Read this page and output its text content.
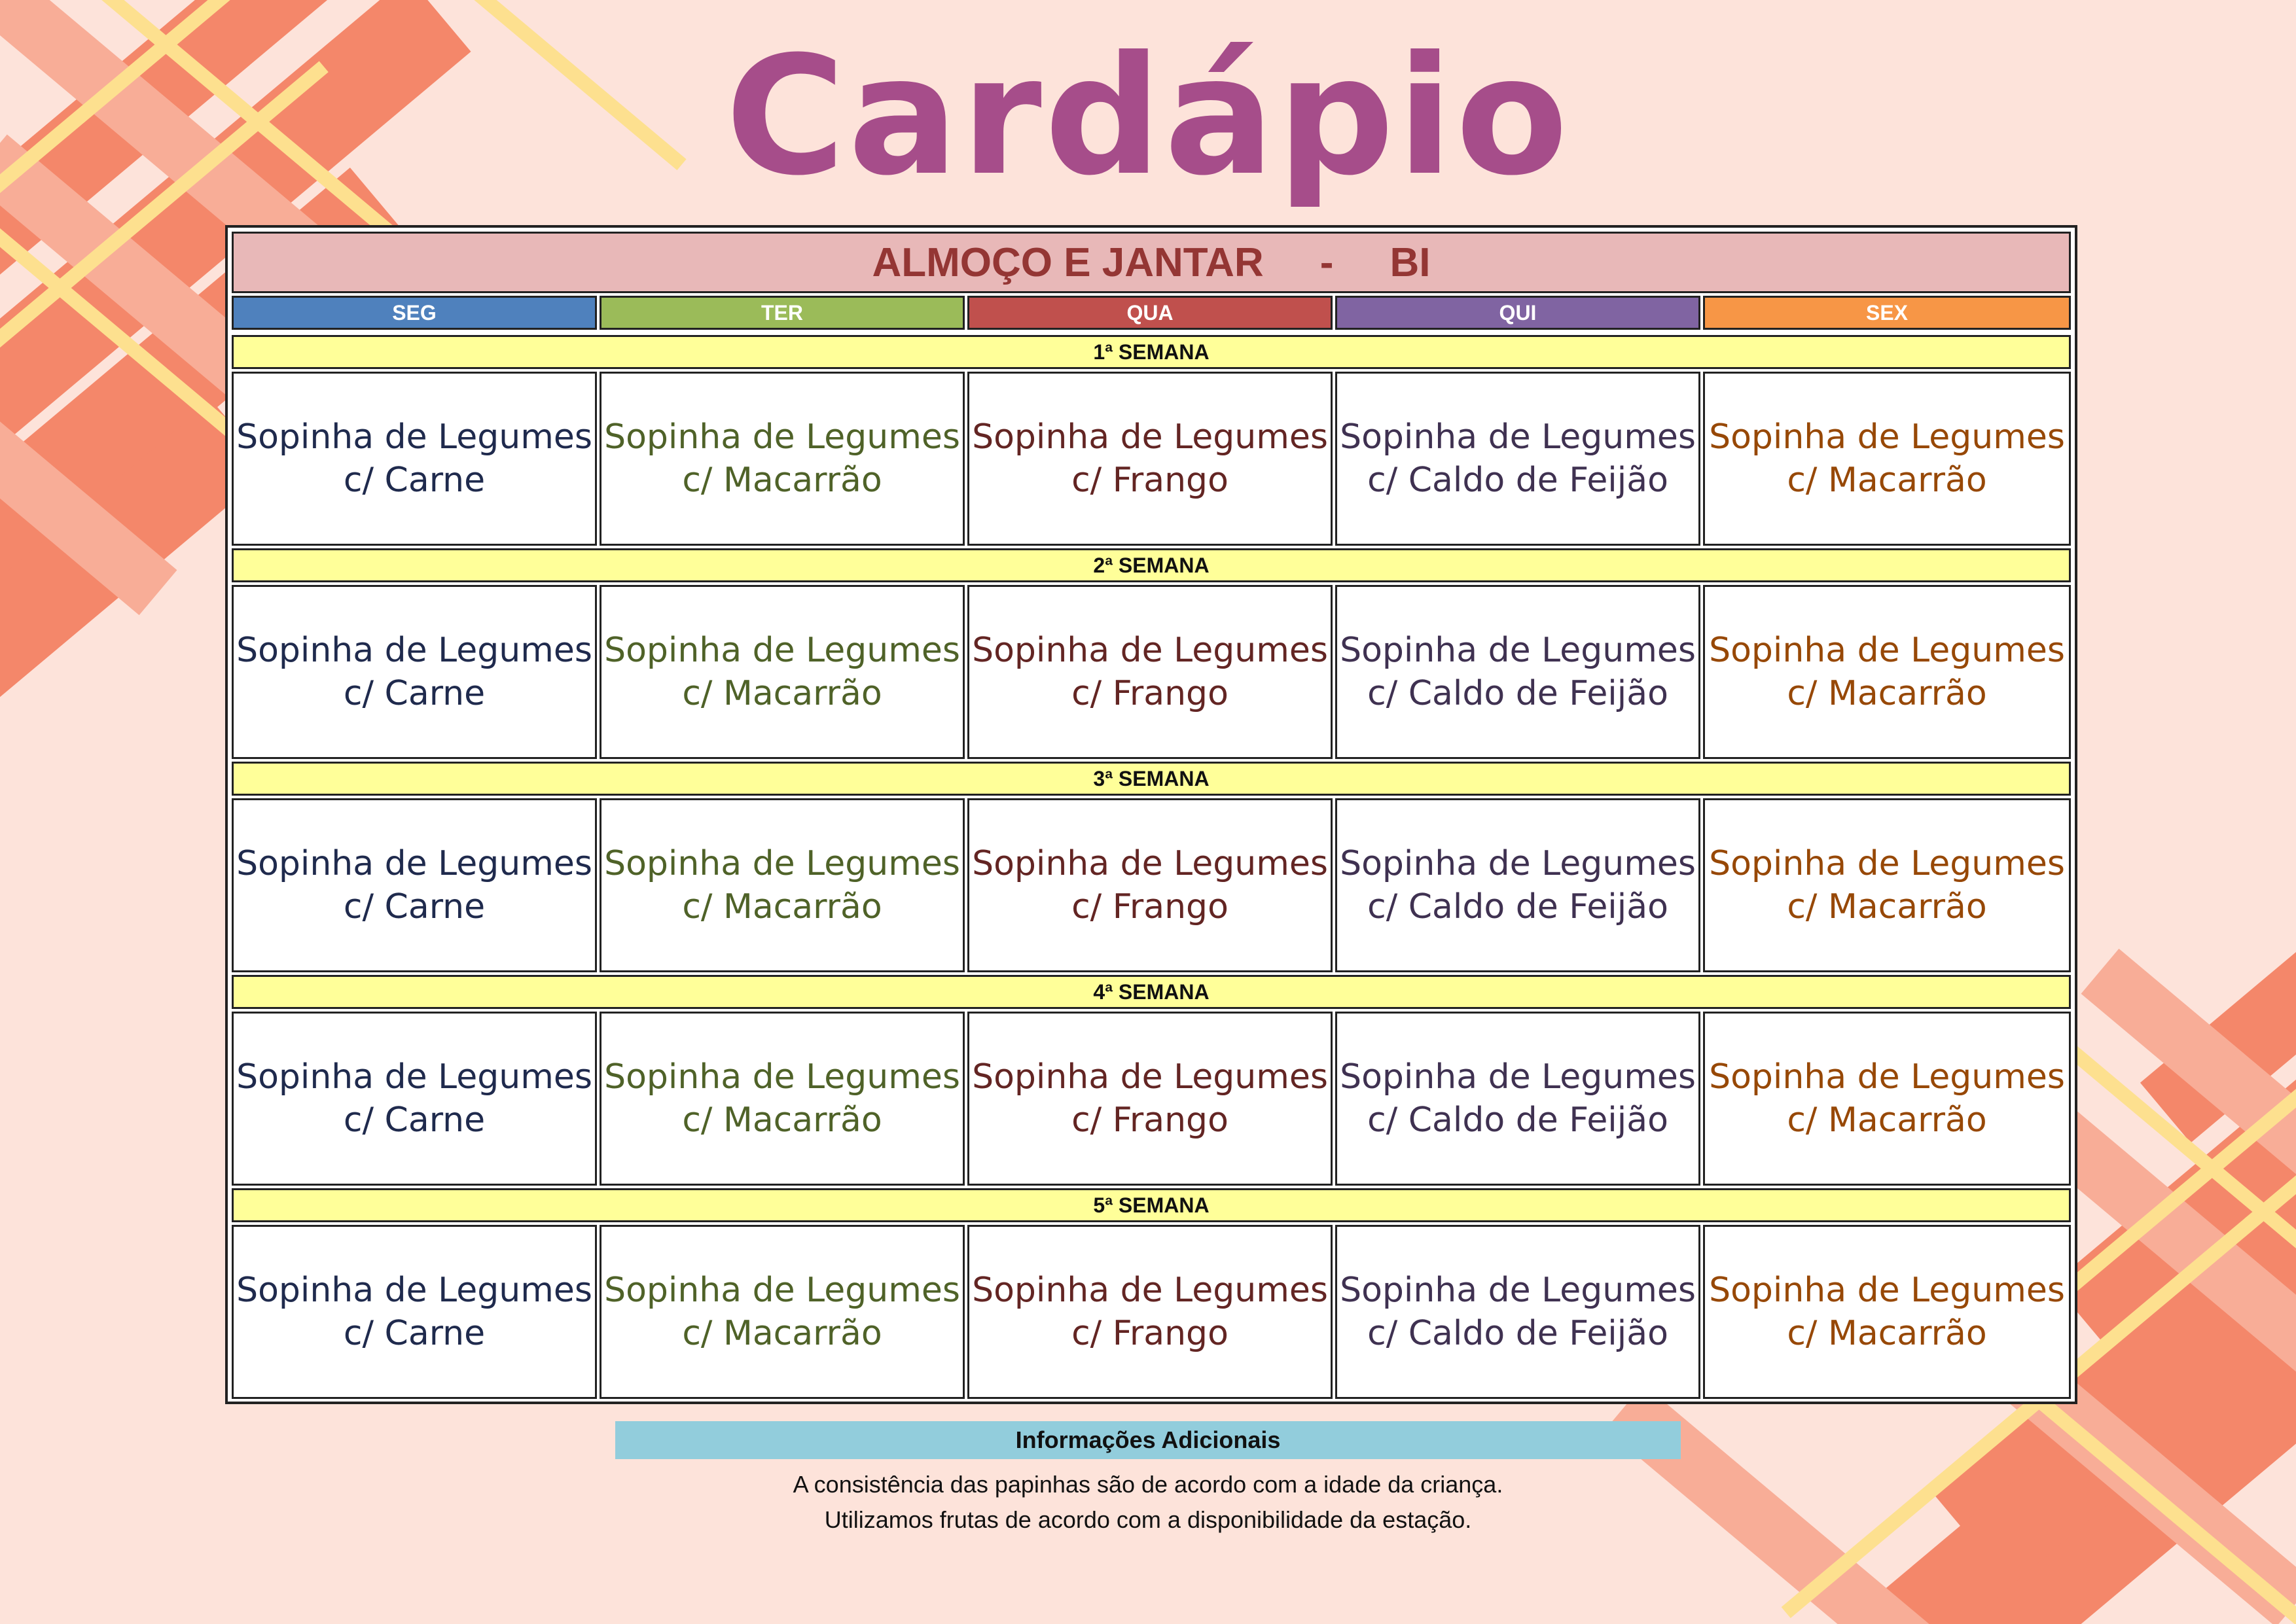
Cardápio
ALMOÇO E JANTAR     -     BI
SEG	TER	QUA	QUI	SEX
1ª SEMANA
Sopinha de Legumes
c/ Carne
Sopinha de Legumes
c/ Macarrão
Sopinha de Legumes
c/ Frango
Sopinha de Legumes
c/ Caldo de Feijão
Sopinha de Legumes
c/ Macarrão
2ª SEMANA
Sopinha de Legumes
c/ Carne
Sopinha de Legumes
c/ Macarrão
Sopinha de Legumes
c/ Frango
Sopinha de Legumes
c/ Caldo de Feijão
Sopinha de Legumes
c/ Macarrão
3ª SEMANA
Sopinha de Legumes
c/ Carne
Sopinha de Legumes
c/ Macarrão
Sopinha de Legumes
c/ Frango
Sopinha de Legumes
c/ Caldo de Feijão
Sopinha de Legumes
c/ Macarrão
4ª SEMANA
Sopinha de Legumes
c/ Carne
Sopinha de Legumes
c/ Macarrão
Sopinha de Legumes
c/ Frango
Sopinha de Legumes
c/ Caldo de Feijão
Sopinha de Legumes
c/ Macarrão
5ª SEMANA
Sopinha de Legumes
c/ Carne
Sopinha de Legumes
c/ Macarrão
Sopinha de Legumes
c/ Frango
Sopinha de Legumes
c/ Caldo de Feijão
Sopinha de Legumes
c/ Macarrão
Informações Adicionais
A consistência das papinhas são de acordo com a idade da criança.
Utilizamos frutas de acordo com a disponibilidade da estação.
